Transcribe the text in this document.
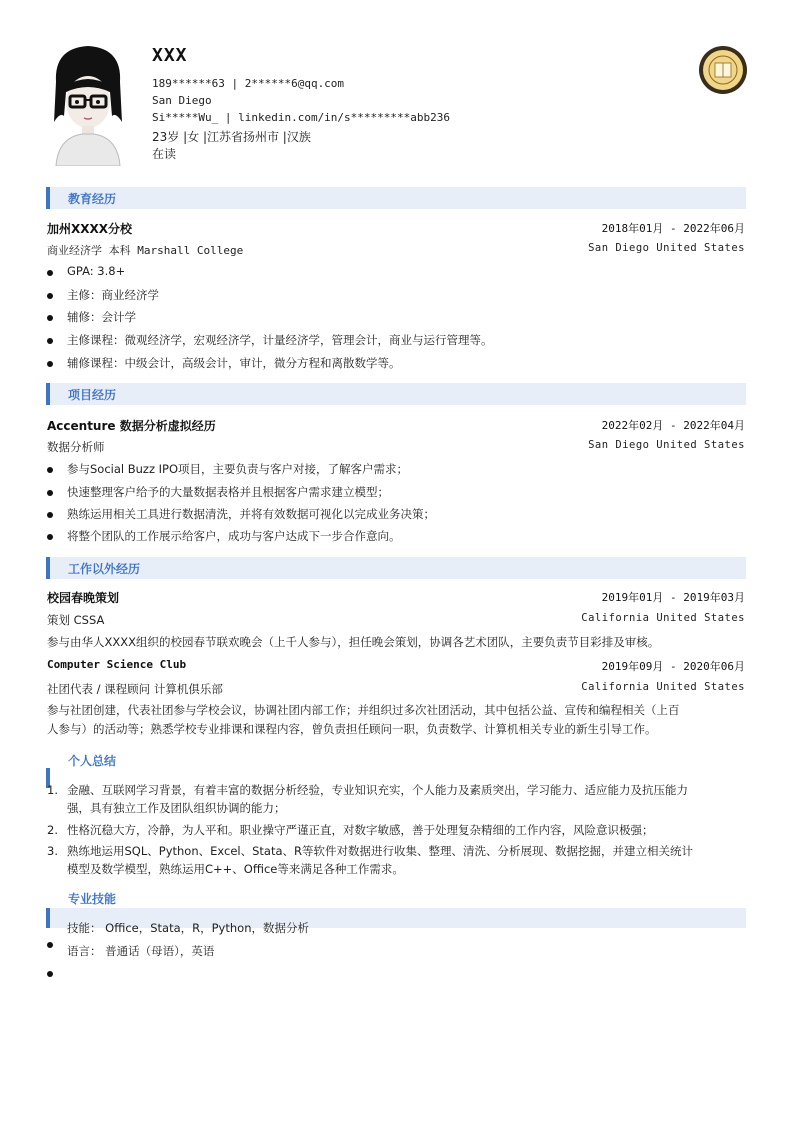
XXX
189******63 | 2******6@qq.com
San Diego
Si*****Wu_ | linkedin.com/in/s*********abb236
23岁 |女 |江苏省扬州市 |汉族
在读
教育经历
加州XXXX分校	2018年01月 - 2022年06月
商业经济学 本科 Marshall College	San Diego United States
GPA: 3.8+
主修：商业经济学
辅修：会计学
主修课程：微观经济学，宏观经济学，计量经济学，管理会计，商业与运行管理等。
辅修课程：中级会计，高级会计，审计，微分方程和离散数学等。
项目经历
Accenture 数据分析虚拟经历	2022年02月 - 2022年04月
数据分析师	San Diego United States
参与Social Buzz IPO项目，主要负责与客户对接，了解客户需求；
快速整理客户给予的大量数据表格并且根据客户需求建立模型；
熟练运用相关工具进行数据清洗，并将有效数据可视化以完成业务决策；
将整个团队的工作展示给客户，成功与客户达成下一步合作意向。
工作以外经历
校园春晚策划	2019年01月 - 2019年03月
策划 CSSA	California United States
参与由华人XXXX组织的校园春节联欢晚会（上千人参与），担任晚会策划，协调各艺术团队，主要负责节目彩排及审核。
Computer Science Club	2019年09月 - 2020年06月
社团代表 / 课程顾问 计算机俱乐部	California United States
参与社团创建，代表社团参与学校会议，协调社团内部工作；并组织过多次社团活动，其中包括公益、宣传和编程相关（上百
人参与）的活动等；熟悉学校专业排课和课程内容，曾负责担任顾问一职，负责数学、计算机相关专业的新生引导工作。
个人总结
1. 金融、互联网学习背景，有着丰富的数据分析经验，专业知识充实，个人能力及素质突出，学习能力、适应能力及抗压能力
强，具有独立工作及团队组织协调的能力；
2. 性格沉稳大方，冷静，为人平和。职业操守严谨正直，对数字敏感，善于处理复杂精细的工作内容，风险意识极强；
3. 熟练地运用SQL、Python、Excel、Stata、R等软件对数据进行收集、整理、清洗、分析展现、数据挖掘，并建立相关统计
模型及数学模型，熟练运用C++、Office等来满足各种工作需求。
专业技能
技能： Office，Stata，R，Python，数据分析
语言： 普通话（母语），英语
